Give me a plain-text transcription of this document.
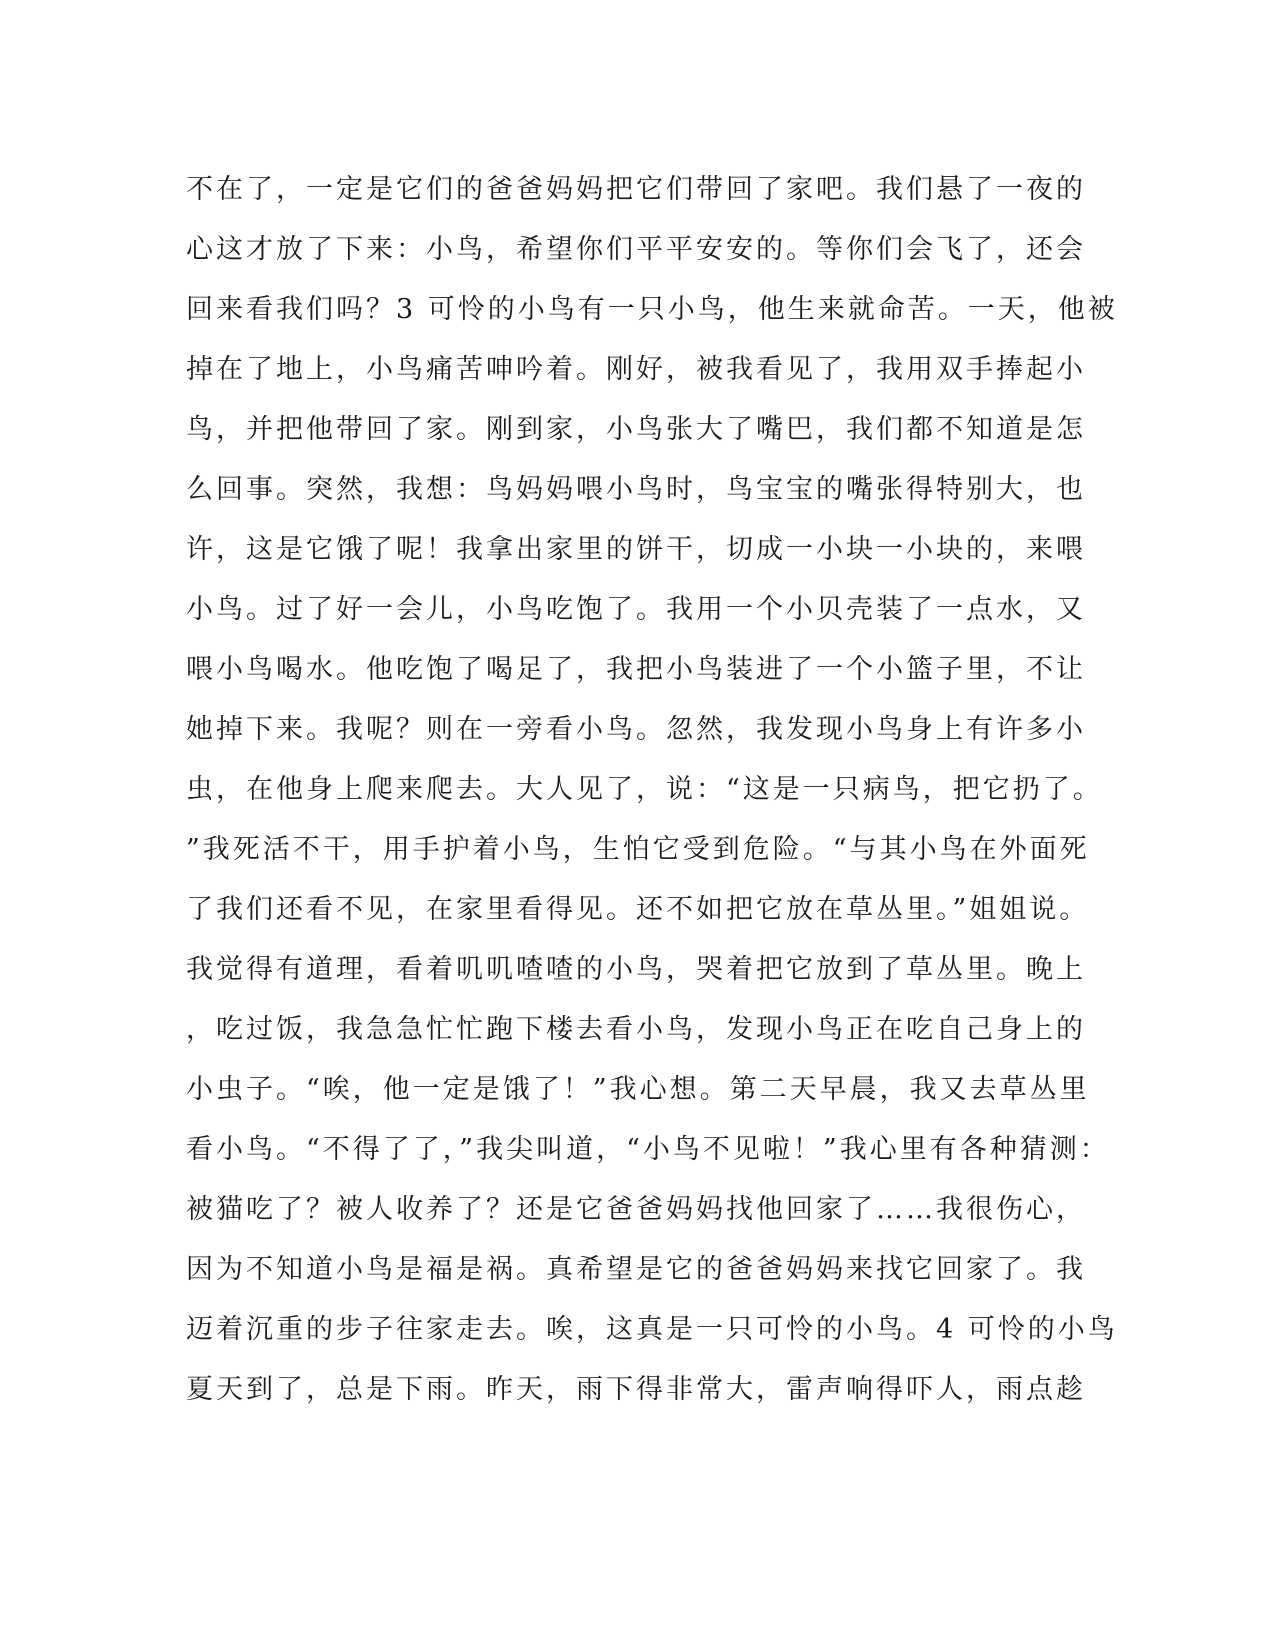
不在了，一定是它们的爸爸妈妈把它们带回了家吧。我们悬了一夜的
心这才放了下来：小鸟，希望你们平平安安的。等你们会飞了，还会
回来看我们吗？3 可怜的小鸟有一只小鸟，他生来就命苦。一天，他被
掉在了地上，小鸟痛苦呻吟着。刚好，被我看见了，我用双手捧起小
鸟，并把他带回了家。刚到家，小鸟张大了嘴巴，我们都不知道是怎
么回事。突然，我想：鸟妈妈喂小鸟时，鸟宝宝的嘴张得特别大，也
许，这是它饿了呢！我拿出家里的饼干，切成一小块一小块的，来喂
小鸟。过了好一会儿，小鸟吃饱了。我用一个小贝壳装了一点水，又
喂小鸟喝水。他吃饱了喝足了，我把小鸟装进了一个小篮子里，不让
她掉下来。我呢？则在一旁看小鸟。忽然，我发现小鸟身上有许多小
虫，在他身上爬来爬去。大人见了，说：“这是一只病鸟，把它扔了。
”我死活不干，用手护着小鸟，生怕它受到危险。“与其小鸟在外面死
了我们还看不见，在家里看得见。还不如把它放在草丛里。”姐姐说。
我觉得有道理，看着叽叽喳喳的小鸟，哭着把它放到了草丛里。晚上
，吃过饭，我急急忙忙跑下楼去看小鸟，发现小鸟正在吃自己身上的
小虫子。“唉，他一定是饿了！”我心想。第二天早晨，我又去草丛里
看小鸟。“不得了了，”我尖叫道，“小鸟不见啦！”我心里有各种猜测：
被猫吃了？被人收养了？还是它爸爸妈妈找他回家了……我很伤心，
因为不知道小鸟是福是祸。真希望是它的爸爸妈妈来找它回家了。我
迈着沉重的步子往家走去。唉，这真是一只可怜的小鸟。4 可怜的小鸟
夏天到了，总是下雨。昨天，雨下得非常大，雷声响得吓人，雨点趁
